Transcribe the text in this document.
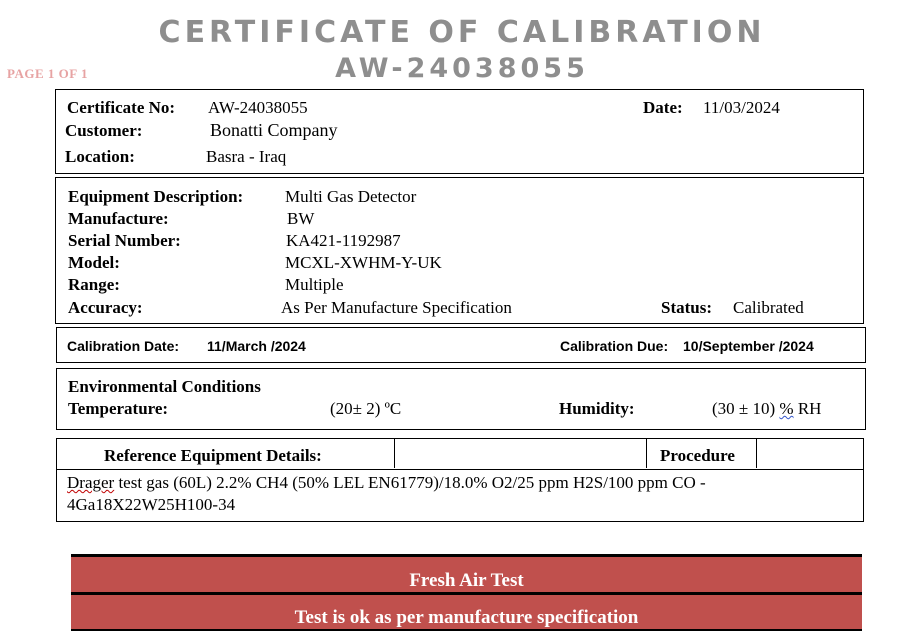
CERTIFICATE OF CALIBRATION
AW-24038055
PAGE 1 OF 1
Certificate No: AW-24038055	Date: 11/03/2024
Customer:	Bonatti Company
Location:	Basra - Iraq
Equipment Description: Multi Gas Detector
Manufacture:	BW
Serial Number:	KA421-1192987
Model:	MCXL-XWHM-Y-UK
Range:	Multiple
Accuracy:	As Per Manufacture Specification	Status: Calibrated
Calibration Date: 11/March /2024	Calibration Due: 10/September /2024
Environmental Conditions
Temperature:	(20± 2) ºC	Humidity:	(30 ± 10) % RH
Reference Equipment Details:	Procedure
Drager test gas (60L) 2.2% CH4 (50% LEL EN61779)/18.0% O2/25 ppm H2S/100 ppm CO -
4Ga18X22W25H100-34
Fresh Air Test
Test is ok as per manufacture specification
